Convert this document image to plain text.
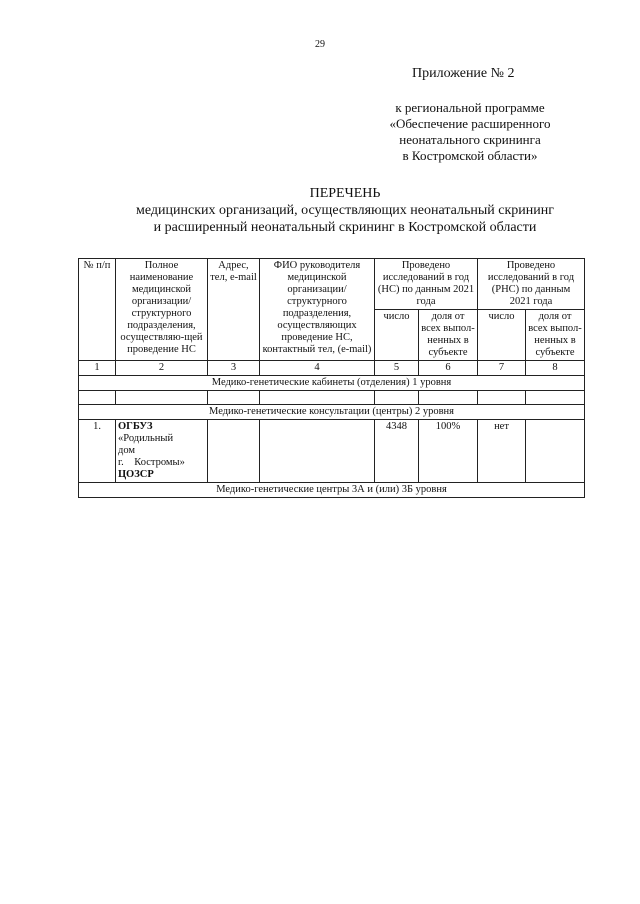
29
Приложение № 2
к региональной программе
«Обеспечение расширенного
неонатального скрининга
в Костромской области»
ПЕРЕЧЕНЬ
медицинских организаций, осуществляющих неонатальный скрининг
и расширенный неонатальный скрининг в Костромской области
№ п/п	Полное наименование медицинской организации/ структурного подразделения, осуществляю-щей проведение НС	Адрес, тел, e-mail	ФИО руководителя медицинской организации/ структурного подразделения, осуществляющих проведение НС, контактный тел, (e-mail)	Проведено исследований в год (НС) по данным 2021 года		Проведено исследований в год (РНС) по данным 2021 года	
				число	доля от всех выпол-ненных в субъекте	число	доля от всех выпол-ненных в субъекте
1	2	3	4	5	6	7	8
Медико-генетические кабинеты (отделения) 1 уровня							

Медико-генетические консультации (центры) 2 уровня							
1.	ОГБУЗ
«Родильный
дом
г.    Костромы»
ЦОЗСР			4348	100%	нет	
Медико-генетические центры 3А и (или) 3Б уровня							
